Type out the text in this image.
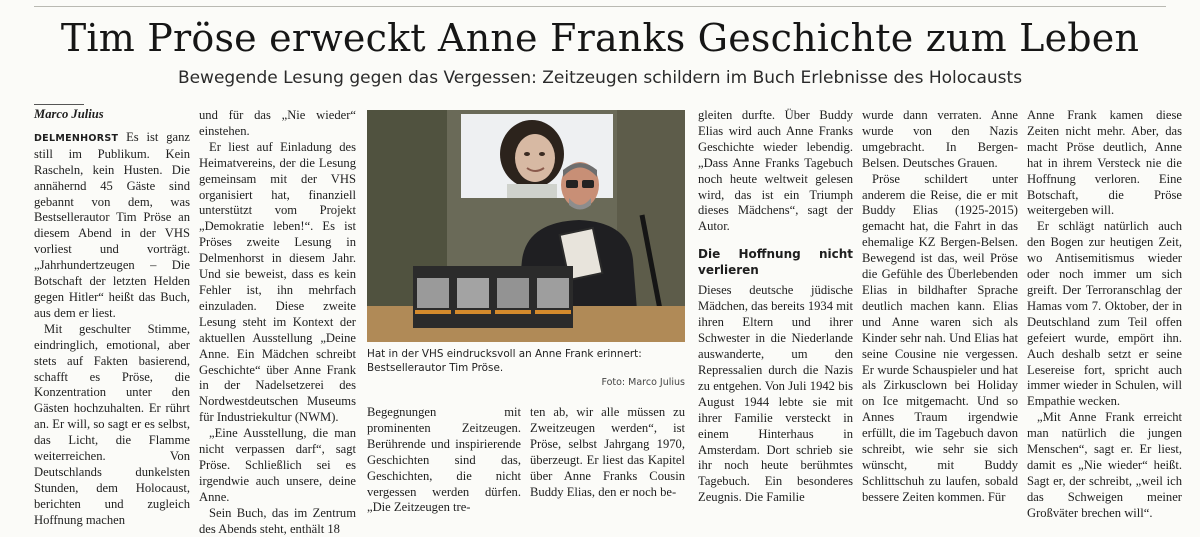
Tim Pröse erweckt Anne Franks Geschichte zum Leben
Bewegende Lesung gegen das Vergessen: Zeitzeugen schildern im Buch Erlebnisse des Holocausts
Marco Julius

DELMENHORST Es ist ganz still im Publikum. Kein Rascheln, kein Husten. Die annähernd 45 Gäste sind gebannt von dem, was Bestsellerautor Tim Pröse an diesem Abend in der VHS vorliest und vorträgt. „Jahrhundertzeugen – Die Botschaft der letzten Helden gegen Hitler“ heißt das Buch, aus dem er liest.

Mit geschulter Stimme, eindringlich, emotional, aber stets auf Fakten basierend, schafft es Pröse, die Konzentration unter den Gästen hochzuhalten. Er rührt an. Er will, so sagt er es selbst, das Licht, die Flamme weiterreichen. Von Deutschlands dunkelsten Stunden, dem Holocaust, berichten und zugleich Hoffnung machen

und für das „Nie wieder“ einstehen.

Er liest auf Einladung des Heimatvereins, der die Lesung gemeinsam mit der VHS organisiert hat, finanziell unterstützt vom Projekt „Demokratie leben!“. Es ist Pröses zweite Lesung in Delmenhorst in diesem Jahr. Und sie beweist, dass es kein Fehler ist, ihn mehrfach einzuladen. Diese zweite Lesung steht im Kontext der aktuellen Ausstellung „Deine Anne. Ein Mädchen schreibt Geschichte“ über Anne Frank in der Nadelsetzerei des Nordwestdeutschen Museums für Industriekultur (NWM).

„Eine Ausstellung, die man nicht verpassen darf“, sagt Pröse. Schließlich sei es irgendwie auch unsere, deine Anne.

Sein Buch, das im Zentrum des Abends steht, enthält 18

Hat in der VHS eindrucksvoll an Anne Frank erinnert: Bestsellerautor Tim Pröse.
Foto: Marco Julius

Begegnungen mit prominenten Zeitzeugen. Berührende und inspirierende Geschichten sind das, Geschichten, die nicht vergessen werden dürfen. „Die Zeitzeugen tre-

ten ab, wir alle müssen zu Zweitzeugen werden“, ist Pröse, selbst Jahrgang 1970, überzeugt. Er liest das Kapitel über Anne Franks Cousin Buddy Elias, den er noch be-

gleiten durfte. Über Buddy Elias wird auch Anne Franks Geschichte wieder lebendig. „Dass Anne Franks Tagebuch noch heute weltweit gelesen wird, das ist ein Triumph dieses Mädchens“, sagt der Autor.

Die Hoffnung nicht verlieren

Dieses deutsche jüdische Mädchen, das bereits 1934 mit ihren Eltern und ihrer Schwester in die Niederlande auswanderte, um den Repressalien durch die Nazis zu entgehen. Von Juli 1942 bis August 1944 lebte sie mit ihrer Familie versteckt in einem Hinterhaus in Amsterdam. Dort schrieb sie ihr noch heute berühmtes Tagebuch. Ein besonderes Zeugnis. Die Familie

wurde dann verraten. Anne wurde von den Nazis umgebracht. In Bergen-Belsen. Deutsches Grauen.

Pröse schildert unter anderem die Reise, die er mit Buddy Elias (1925-2015) gemacht hat, die Fahrt in das ehemalige KZ Bergen-Belsen. Bewegend ist das, weil Pröse die Gefühle des Überlebenden Elias in bildhafter Sprache deutlich machen kann. Elias und Anne waren sich als Kinder sehr nah. Und Elias hat seine Cousine nie vergessen. Er wurde Schauspieler und hat als Zirkusclown bei Holiday on Ice mitgemacht. Und so Annes Traum irgendwie erfüllt, die im Tagebuch davon schreibt, wie sehr sie sich wünscht, mit Buddy Schlittschuh zu laufen, sobald bessere Zeiten kommen. Für

Anne Frank kamen diese Zeiten nicht mehr. Aber, das macht Pröse deutlich, Anne hat in ihrem Versteck nie die Hoffnung verloren. Eine Botschaft, die Pröse weitergeben will.

Er schlägt natürlich auch den Bogen zur heutigen Zeit, wo Antisemitismus wieder oder noch immer um sich greift. Der Terroranschlag der Hamas vom 7. Oktober, der in Deutschland zum Teil offen gefeiert wurde, empört ihn. Auch deshalb setzt er seine Lesereise fort, spricht auch immer wieder in Schulen, will Empathie wecken.

„Mit Anne Frank erreicht man natürlich die jungen Menschen“, sagt er. Er liest, damit es „Nie wieder“ heißt. Sagt er, der schreibt, „weil ich das Schweigen meiner Großväter brechen will“.
